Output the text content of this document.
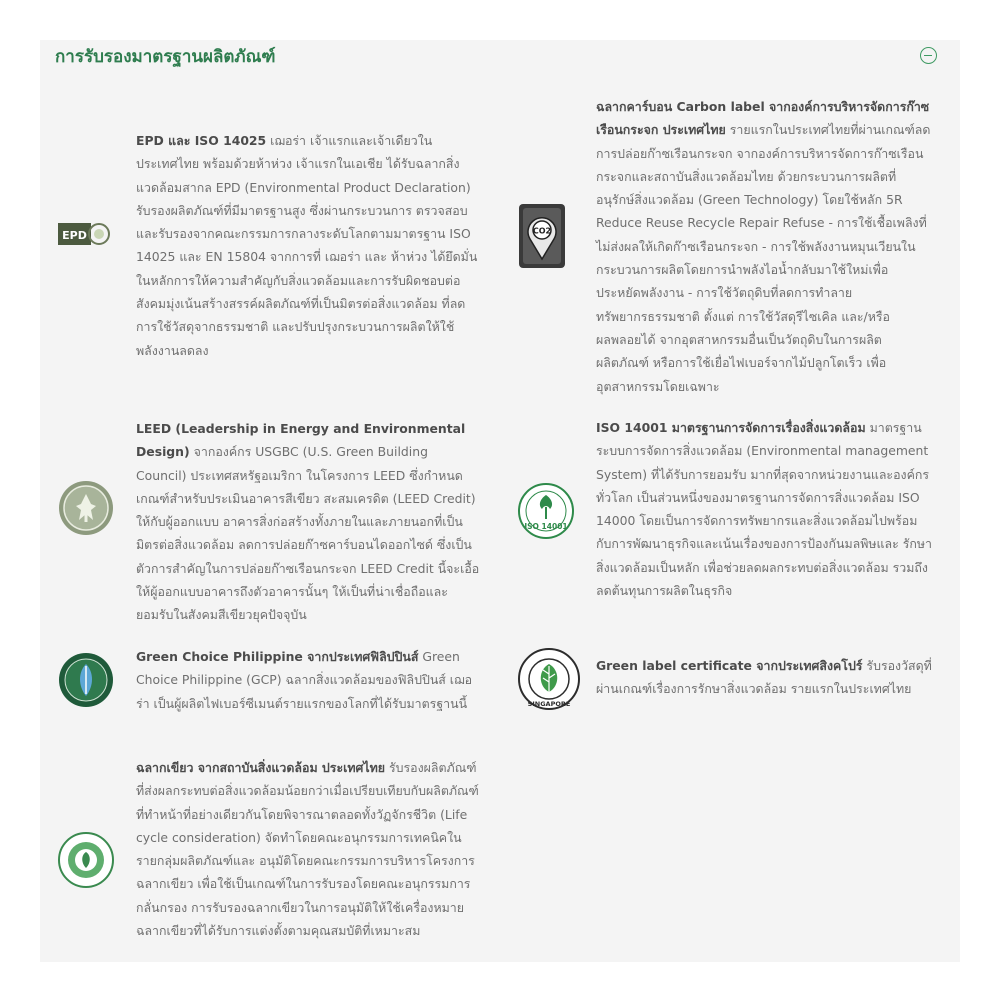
การรับรองมาตรฐานผลิตภัณฑ์
EPD
EPD และ ISO 14025 เฌอร่า เจ้าแรกและเจ้าเดียวในประเทศไทย พร้อมด้วยห้าห่วง เจ้าแรกในเอเชีย ได้รับฉลากสิ่งแวดล้อมสากล EPD (Environmental Product Declaration) รับรองผลิตภัณฑ์ที่มีมาตรฐานสูง ซึ่งผ่านกระบวนการ ตรวจสอบและรับรองจากคณะกรรมการกลางระดับโลกตามมาตรฐาน ISO 14025 และ EN 15804 จากการที่ เฌอร่า และ ห้าห่วง ได้ยึดมั่นในหลักการให้ความสำคัญกับสิ่งแวดล้อมและการรับผิดชอบต่อสังคมมุ่งเน้นสร้างสรรค์ผลิตภัณฑ์ที่เป็นมิตรต่อสิ่งแวดล้อม ที่ลดการใช้วัสดุจากธรรมชาติ และปรับปรุงกระบวนการผลิตให้ใช้พลังงานลดลง
CO2
ฉลากคาร์บอน Carbon label จากองค์การบริหารจัดการก๊าซเรือนกระจก ประเทศไทย รายแรกในประเทศไทยที่ผ่านเกณฑ์ลดการปล่อยก๊าซเรือนกระจก จากองค์การบริหารจัดการก๊าซเรือนกระจกและสถาบันสิ่งแวดล้อมไทย ด้วยกระบวนการผลิตที่อนุรักษ์สิ่งแวดล้อม (Green Technology) โดยใช้หลัก 5R Reduce Reuse Recycle Repair Refuse - การใช้เชื้อเพลิงที่ไม่ส่งผลให้เกิดก๊าซเรือนกระจก - การใช้พลังงานหมุนเวียนในกระบวนการผลิตโดยการนำพลังไอน้ำกลับมาใช้ใหม่เพื่อประหยัดพลังงาน - การใช้วัตถุดิบที่ลดการทำลายทรัพยากรธรรมชาติ ตั้งแต่ การใช้วัสดุรีไซเคิล และ/หรือ ผลพลอยได้ จากอุตสาหกรรมอื่นเป็นวัตถุดิบในการผลิตผลิตภัณฑ์ หรือการใช้เยื่อไฟเบอร์จากไม้ปลูกโตเร็ว เพื่ออุตสาหกรรมโดยเฉพาะ
LEED (Leadership in Energy and Environmental Design) จากองค์กร USGBC (U.S. Green Building Council) ประเทศสหรัฐอเมริกา ในโครงการ LEED ซึ่งกำหนดเกณฑ์สำหรับประเมินอาคารสีเขียว สะสมเครดิต (LEED Credit) ให้กับผู้ออกแบบ อาคารสิ่งก่อสร้างทั้งภายในและภายนอกที่เป็นมิตรต่อสิ่งแวดล้อม ลดการปล่อยก๊าซคาร์บอนไดออกไซด์ ซึ่งเป็นตัวการสำคัญในการปล่อยก๊าซเรือนกระจก LEED Credit นี้จะเอื้อให้ผู้ออกแบบอาคารถึงตัวอาคารนั้นๆ ให้เป็นที่น่าเชื่อถือและยอมรับในสังคมสีเขียวยุคปัจจุบัน
ISO 14001
ISO 14001 มาตรฐานการจัดการเรื่องสิ่งแวดล้อม มาตรฐานระบบการจัดการสิ่งแวดล้อม (Environmental management System) ที่ได้รับการยอมรับ มากที่สุดจากหน่วยงานและองค์กรทั่วโลก เป็นส่วนหนึ่งของมาตรฐานการจัดการสิ่งแวดล้อม ISO 14000 โดยเป็นการจัดการทรัพยากรและสิ่งแวดล้อมไปพร้อมกับการพัฒนาธุรกิจและเน้นเรื่องของการป้องกันมลพิษและ รักษาสิ่งแวดล้อมเป็นหลัก เพื่อช่วยลดผลกระทบต่อสิ่งแวดล้อม รวมถึงลดต้นทุนการผลิตในธุรกิจ
Green Choice Philippine จากประเทศฟิลิปปินส์ Green Choice Philippine (GCP) ฉลากสิ่งแวดล้อมของฟิลิปปินส์ เฌอร่า เป็นผู้ผลิตไฟเบอร์ซีเมนต์รายแรกของโลกที่ได้รับมาตรฐานนี้	SINGAPORE
Green label certificate จากประเทศสิงคโปร์ รับรองวัสดุที่ผ่านเกณฑ์เรื่องการรักษาสิ่งแวดล้อม รายแรกในประเทศไทย
ฉลากเขียว จากสถาบันสิ่งแวดล้อม ประเทศไทย รับรองผลิตภัณฑ์ที่ส่งผลกระทบต่อสิ่งแวดล้อมน้อยกว่าเมื่อเปรียบเทียบกับผลิตภัณฑ์ที่ทำหน้าที่อย่างเดียวกันโดยพิจารณาตลอดทั้งวัฏจักรชีวิต (Life cycle consideration) จัดทำโดยคณะอนุกรรมการเทคนิคในรายกลุ่มผลิตภัณฑ์และ อนุมัติโดยคณะกรรมการบริหารโครงการฉลากเขียว เพื่อใช้เป็นเกณฑ์ในการรับรองโดยคณะอนุกรรมการกลั่นกรอง การรับรองฉลากเขียวในการอนุมัติให้ใช้เครื่องหมายฉลากเขียวที่ได้รับการแต่งตั้งตามคุณสมบัติที่เหมาะสม
